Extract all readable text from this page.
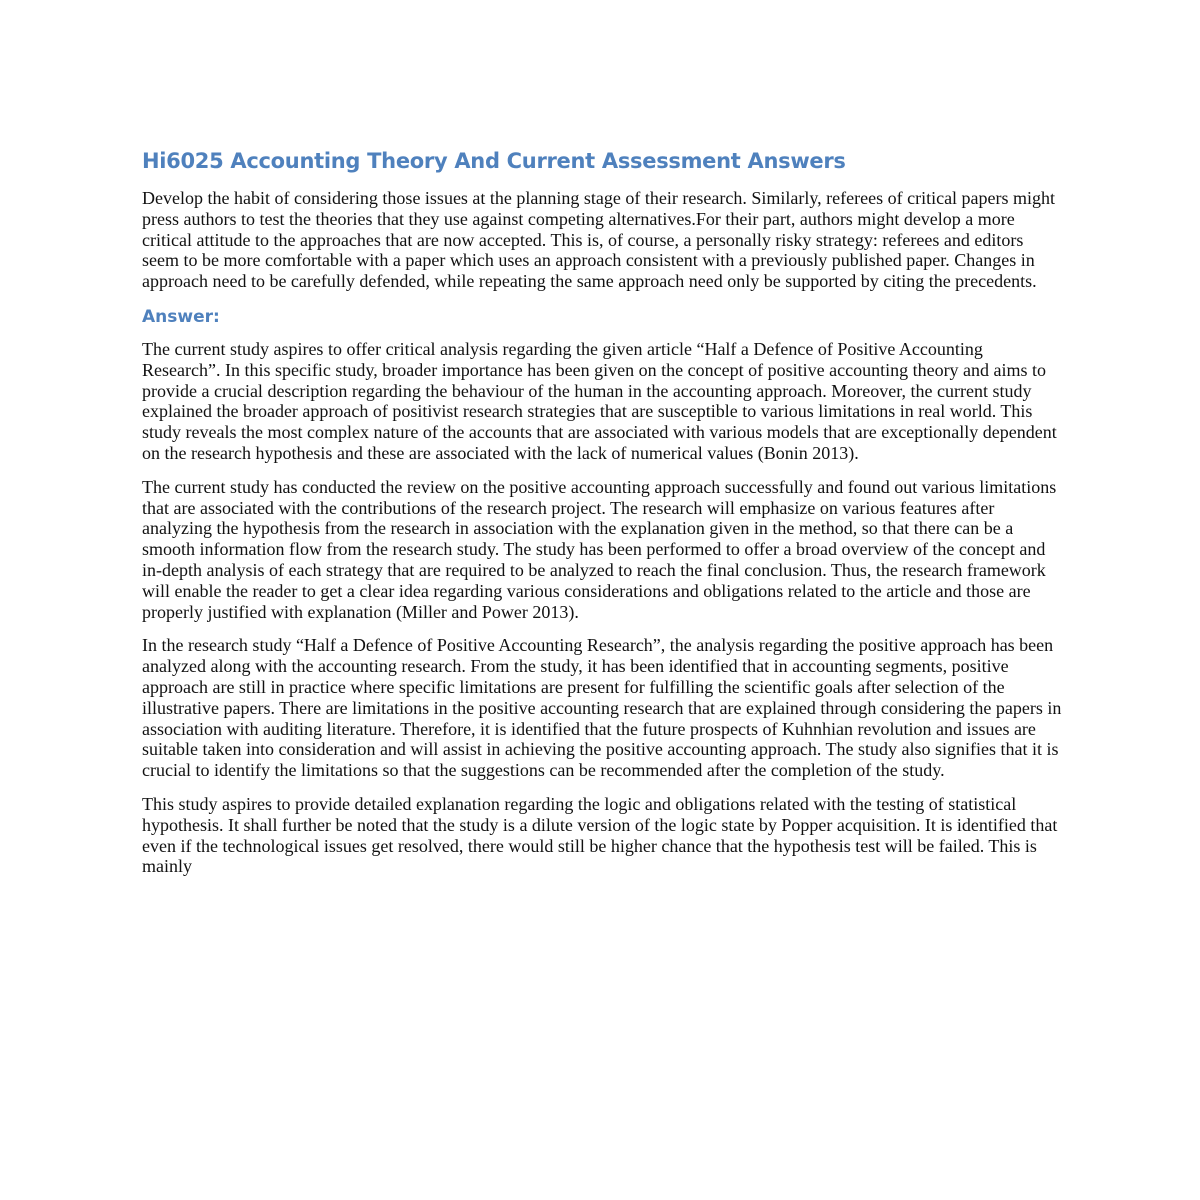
Hi6025 Accounting Theory And Current Assessment Answers

Develop the habit of considering those issues at the planning stage of their research. Similarly, referees of critical papers might press authors to test the theories that they use against competing alternatives.For their part, authors might develop a more critical attitude to the approaches that are now accepted. This is, of course, a personally risky strategy: referees and editors seem to be more comfortable with a paper which uses an approach consistent with a previously published paper. Changes in approach need to be carefully defended, while repeating the same approach need only be supported by citing the precedents.

Answer:

The current study aspires to offer critical analysis regarding the given article “Half a Defence of Positive Accounting Research”. In this specific study, broader importance has been given on the concept of positive accounting theory and aims to provide a crucial description regarding the behaviour of the human in the accounting approach. Moreover, the current study explained the broader approach of positivist research strategies that are susceptible to various limitations in real world. This study reveals the most complex nature of the accounts that are associated with various models that are exceptionally dependent on the research hypothesis and these are associated with the lack of numerical values (Bonin 2013).

The current study has conducted the review on the positive accounting approach successfully and found out various limitations that are associated with the contributions of the research project. The research will emphasize on various features after analyzing the hypothesis from the research in association with the explanation given in the method, so that there can be a smooth information flow from the research study. The study has been performed to offer a broad overview of the concept and in-depth analysis of each strategy that are required to be analyzed to reach the final conclusion. Thus, the research framework will enable the reader to get a clear idea regarding various considerations and obligations related to the article and those are properly justified with explanation (Miller and Power 2013).

In the research study “Half a Defence of Positive Accounting Research”, the analysis regarding the positive approach has been analyzed along with the accounting research. From the study, it has been identified that in accounting segments, positive approach are still in practice where specific limitations are present for fulfilling the scientific goals after selection of the illustrative papers. There are limitations in the positive accounting research that are explained through considering the papers in association with auditing literature. Therefore, it is identified that the future prospects of Kuhnhian revolution and issues are suitable taken into consideration and will assist in achieving the positive accounting approach. The study also signifies that it is crucial to identify the limitations so that the suggestions can be recommended after the completion of the study.

This study aspires to provide detailed explanation regarding the logic and obligations related with the testing of statistical hypothesis. It shall further be noted that the study is a dilute version of the logic state by Popper acquisition. It is identified that even if the technological issues get resolved, there would still be higher chance that the hypothesis test will be failed. This is mainly
